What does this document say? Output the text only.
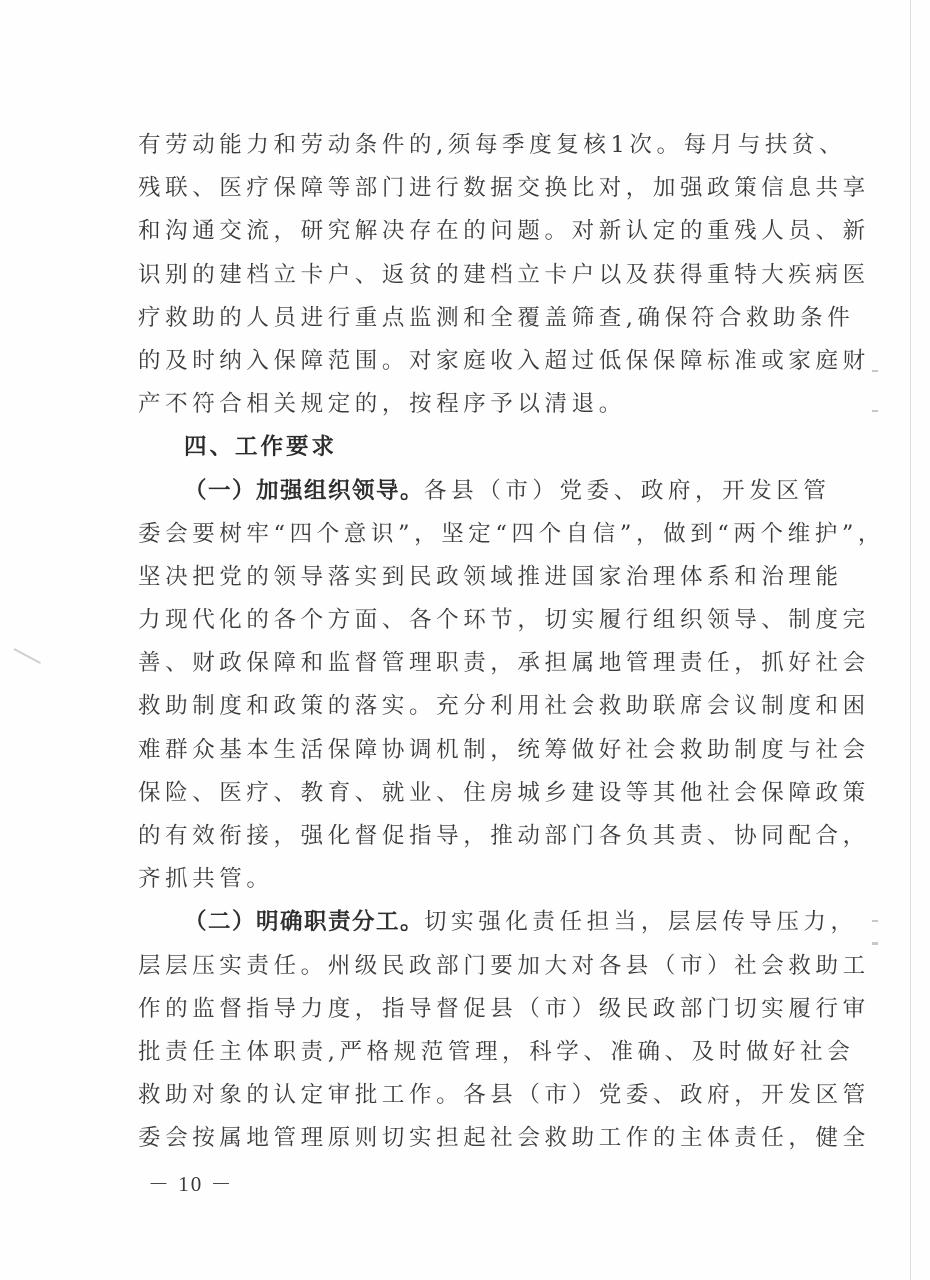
有劳动能力和劳动条件的,须每季度复核1次。每月与扶贫、
残联、医疗保障等部门进行数据交换比对，加强政策信息共享
和沟通交流，研究解决存在的问题。对新认定的重残人员、新
识别的建档立卡户、返贫的建档立卡户以及获得重特大疾病医
疗救助的人员进行重点监测和全覆盖筛查,确保符合救助条件
的及时纳入保障范围。对家庭收入超过低保保障标准或家庭财
产不符合相关规定的，按程序予以清退。
四、工作要求
（一）加强组织领导。各县（市）党委、政府，开发区管
委会要树牢“四个意识”，坚定“四个自信”，做到“两个维护”，
坚决把党的领导落实到民政领域推进国家治理体系和治理能
力现代化的各个方面、各个环节，切实履行组织领导、制度完
善、财政保障和监督管理职责，承担属地管理责任，抓好社会
救助制度和政策的落实。充分利用社会救助联席会议制度和困
难群众基本生活保障协调机制，统筹做好社会救助制度与社会
保险、医疗、教育、就业、住房城乡建设等其他社会保障政策
的有效衔接，强化督促指导，推动部门各负其责、协同配合，
齐抓共管。
（二）明确职责分工。切实强化责任担当，层层传导压力，
层层压实责任。州级民政部门要加大对各县（市）社会救助工
作的监督指导力度，指导督促县（市）级民政部门切实履行审
批责任主体职责,严格规范管理，科学、准确、及时做好社会
救助对象的认定审批工作。各县（市）党委、政府，开发区管
委会按属地管理原则切实担起社会救助工作的主体责任，健全
－ 10 －
